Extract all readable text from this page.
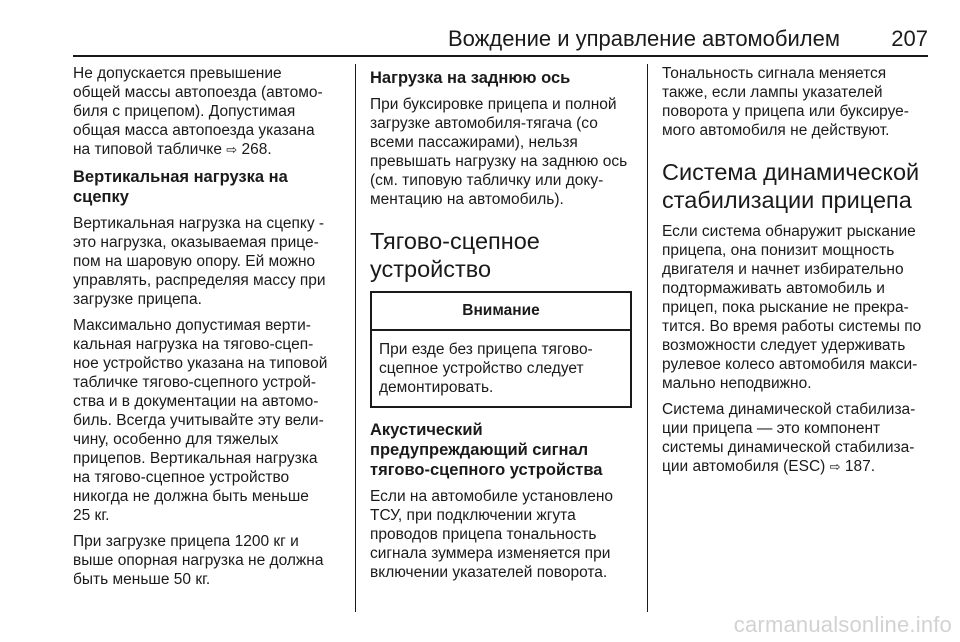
Вождение и управление автомобилем	207

Не допускается превышение
общей массы автопоезда (автомо-
биля с прицепом). Допустимая
общая масса автопоезда указана
на типовой табличке ⇨ 268.

Вертикальная нагрузка на
сцепку

Вертикальная нагрузка на сцепку -
это нагрузка, оказываемая прице-
пом на шаровую опору. Ей можно
управлять, распределяя массу при
загрузке прицепа.

Максимально допустимая верти-
кальная нагрузка на тягово-сцеп-
ное устройство указана на типовой
табличке тягово-сцепного устрой-
ства и в документации на автомо-
биль. Всегда учитывайте эту вели-
чину, особенно для тяжелых
прицепов. Вертикальная нагрузка
на тягово-сцепное устройство
никогда не должна быть меньше
25 кг.

При загрузке прицепа 1200 кг и
выше опорная нагрузка не должна
быть меньше 50 кг.

Нагрузка на заднюю ось

При буксировке прицепа и полной
загрузке автомобиля-тягача (со
всеми пассажирами), нельзя
превышать нагрузку на заднюю ось
(см. типовую табличку или доку-
ментацию на автомобиль).

Тягово-сцепное
устройство
Внимание
При езде без прицепа тягово-
сцепное устройство следует
демонтировать.
Акустический
предупреждающий сигнал
тягово-сцепного устройства

Если на автомобиле установлено
ТСУ, при подключении жгута
проводов прицепа тональность
сигнала зуммера изменяется при
включении указателей поворота.

Тональность сигнала меняется
также, если лампы указателей
поворота у прицепа или буксируе-
мого автомобиля не действуют.

Система динамической
стабилизации прицепа

Если система обнаружит рыскание
прицепа, она понизит мощность
двигателя и начнет избирательно
подтормаживать автомобиль и
прицеп, пока рыскание не прекра-
тится. Во время работы системы по
возможности следует удерживать
рулевое колесо автомобиля макси-
мально неподвижно.

Система динамической стабилиза-
ции прицепа — это компонент
системы динамической стабилиза-
ции автомобиля (ESC) ⇨ 187.

carmanualsonline.info
